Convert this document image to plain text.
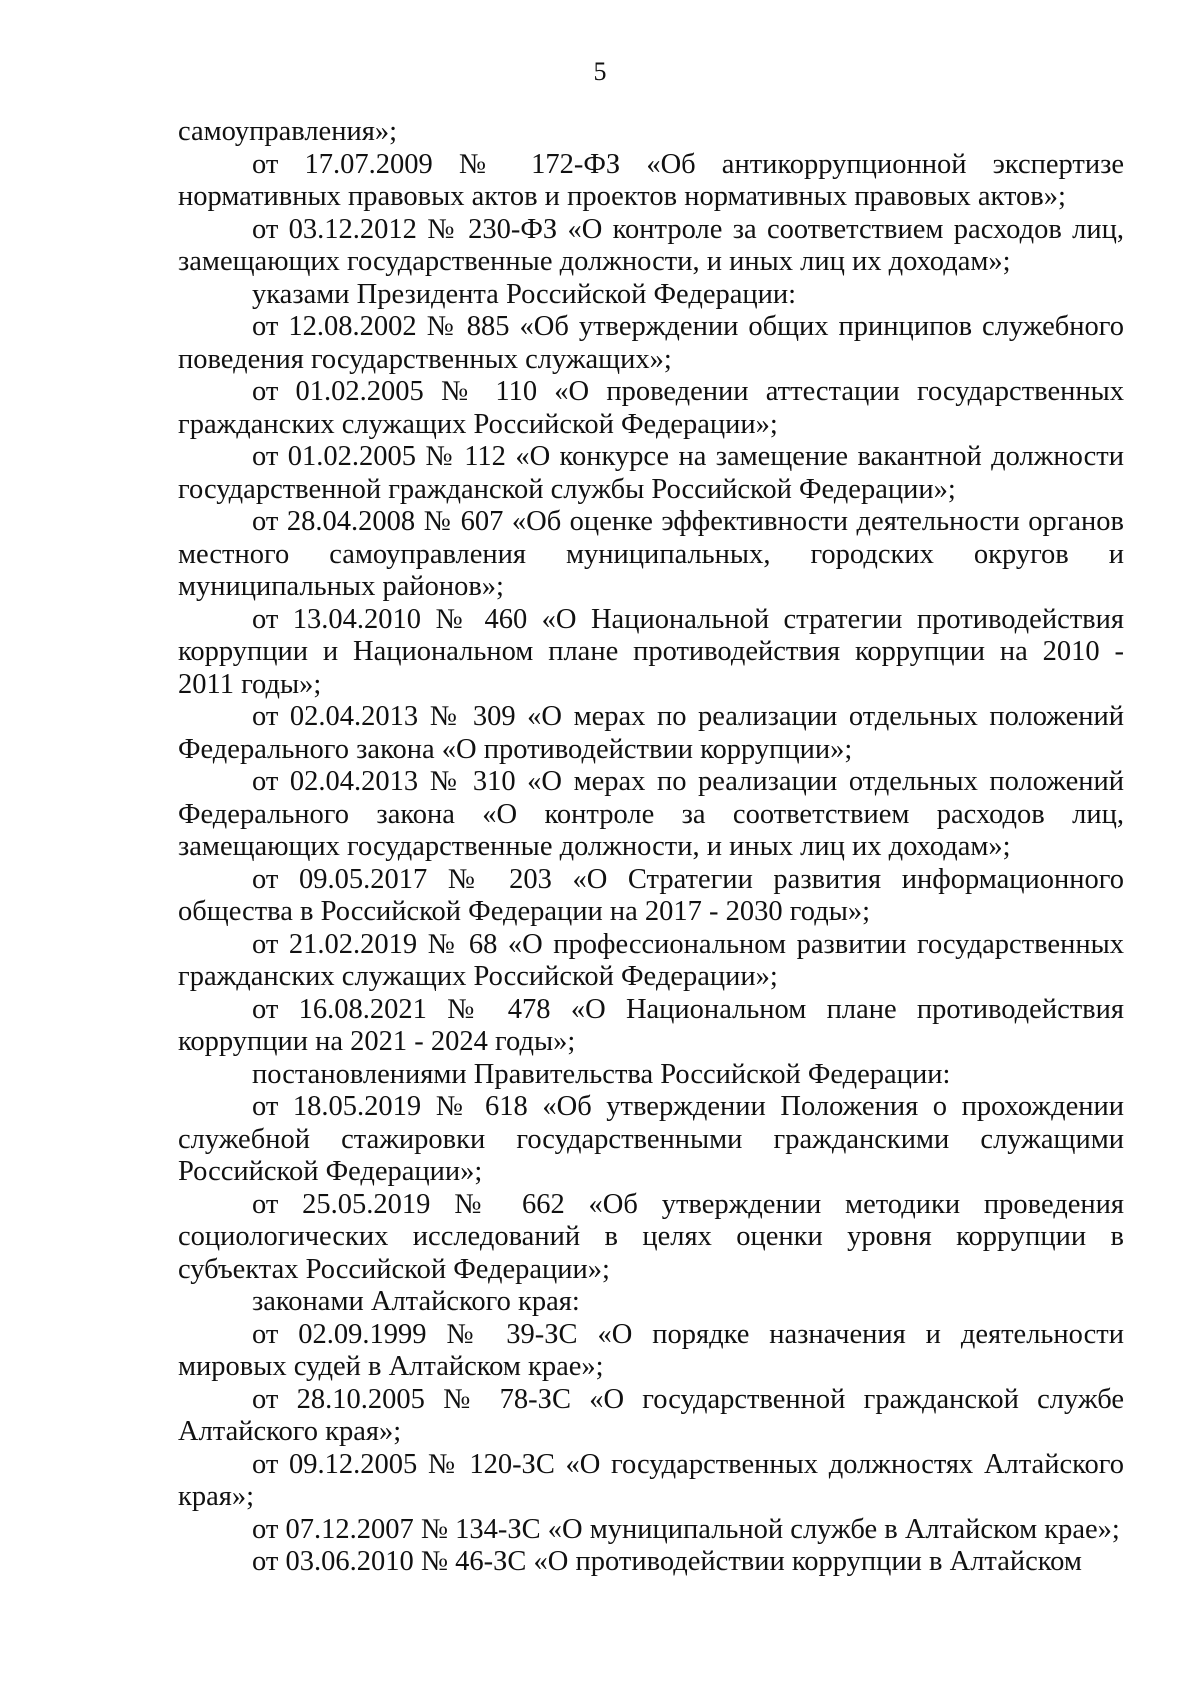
5

самоуправления»;

от 17.07.2009 № 172-ФЗ «Об антикоррупционной экспертизе нормативных правовых актов и проектов нормативных правовых актов»;

от 03.12.2012 № 230-ФЗ «О контроле за соответствием расходов лиц, замещающих государственные должности, и иных лиц их доходам»;

указами Президента Российской Федерации:

от 12.08.2002 № 885 «Об утверждении общих принципов служебного поведения государственных служащих»;

от 01.02.2005 № 110 «О проведении аттестации государственных гражданских служащих Российской Федерации»;

от 01.02.2005 № 112 «О конкурсе на замещение вакантной должности государственной гражданской службы Российской Федерации»;

от 28.04.2008 № 607 «Об оценке эффективности деятельности органов местного самоуправления муниципальных, городских округов и муниципальных районов»;

от 13.04.2010 № 460 «О Национальной стратегии противодействия коррупции и Национальном плане противодействия коррупции на 2010 - 2011 годы»;

от 02.04.2013 № 309 «О мерах по реализации отдельных положений Федерального закона «О противодействии коррупции»;

от 02.04.2013 № 310 «О мерах по реализации отдельных положений Федерального закона «О контроле за соответствием расходов лиц, замещающих государственные должности, и иных лиц их доходам»;

от 09.05.2017 № 203 «О Стратегии развития информационного общества в Российской Федерации на 2017 - 2030 годы»;

от 21.02.2019 № 68 «О профессиональном развитии государственных гражданских служащих Российской Федерации»;

от 16.08.2021 № 478 «О Национальном плане противодействия коррупции на 2021 - 2024 годы»;

постановлениями Правительства Российской Федерации:

от 18.05.2019 № 618 «Об утверждении Положения о прохождении служебной стажировки государственными гражданскими служащими Российской Федерации»;

от 25.05.2019 № 662 «Об утверждении методики проведения социологических исследований в целях оценки уровня коррупции в субъектах Российской Федерации»;

законами Алтайского края:

от 02.09.1999 № 39-ЗС «О порядке назначения и деятельности мировых судей в Алтайском крае»;

от 28.10.2005 № 78-ЗС «О государственной гражданской службе Алтайского края»;

от 09.12.2005 № 120-ЗС «О государственных должностях Алтайского края»;

от 07.12.2007 № 134-ЗС «О муниципальной службе в Алтайском крае»;

от 03.06.2010 № 46-ЗС «О противодействии коррупции в Алтайском
